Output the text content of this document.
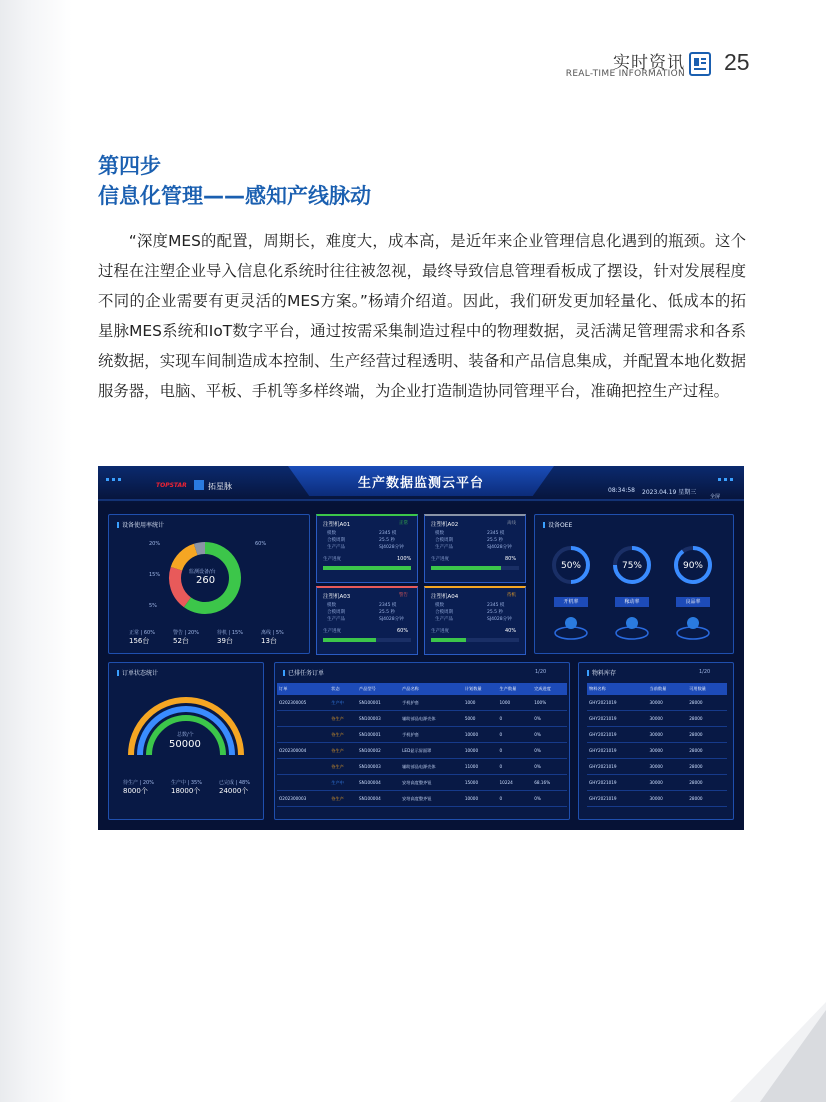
实时资讯
REAL-TIME INFORMATION 25
第四步
信息化管理——感知产线脉动

“深度MES的配置，周期长，难度大，成本高，是近年来企业管理信息化遇到的瓶颈。这个过程在注塑企业导入信息化系统时往往被忽视，最终导致信息管理看板成了摆设，针对发展程度不同的企业需要有更灵活的MES方案。”杨靖介绍道。因此，我们研发更加轻量化、低成本的拓星脉MES系统和IoT数字平台，通过按需采集制造过程中的物理数据，灵活满足管理需求和各系统数据，实现车间制造成本控制、生产经营过程透明、装备和产品信息集成，并配置本地化数据服务器，电脑、平板、手机等多样终端，为企业打造制造协同管理平台，准确把控生产过程。

生产数据监测云平台
TOPSTAR	拓星脉	08:34:58 2023.04.19 星期三
全屏
设备使用率统计
监测设备/台
260
20%	60%
15%
5%
正常 | 60%
156台
警告 | 20%
52台
待机 | 15%
39台
离线 | 5%
13台
注塑机A01	正常
模数	2345 模
合模周期	25.5 秒
生产产品	SJ4028分钟
生产进度	100%
注塑机A02	离线
模数	2345 模
合模周期	25.5 秒
生产产品	SJ4028分钟
生产进度	80%
注塑机A03	警告
模数	2345 模
合模周期	25.5 秒
生产产品	SJ4028分钟
生产进度	60%
注塑机A04	待机
模数	2345 模
合模周期	25.5 秒
生产产品	SJ4028分钟
生产进度	40%
设备OEE
50%	75%	90%
开机率	稼动率	良品率
订单状态统计
总数/个
50000
待生产 | 20%
8000个
生产中 | 35%
18000个
已完成 | 48%
24000个
已排任务订单	1/20
订单	状态	产品型号	产品名称	计划数量	生产数量	完成进度
O202300005	生产中	SN100001	手机护套	1000	1000	100%
	待生产	SN100003	辅助部品电源壳体	5000	0	0%
	待生产	SN100001	手机护套	10000	0	0%
O202300004	待生产	SN100002	LED显示屏面罩	10000	0	0%
	待生产	SN100003	辅助部品电源壳体	11000	0	0%
	生产中	SN100004	安培高度整齐钮	15000	10224	68.16%
O202300003	待生产	SN100004	安培高度整齐钮	10000	0	0%
物料库存	1/20
物料名称	当前数量	可用数量
GHY2021019	30000	28000
GHY2021019	30000	28000
GHY2021019	30000	28000
GHY2021019	30000	28000
GHY2021019	30000	28000
GHY2021019	30000	28000
GHY2021019	30000	28000
